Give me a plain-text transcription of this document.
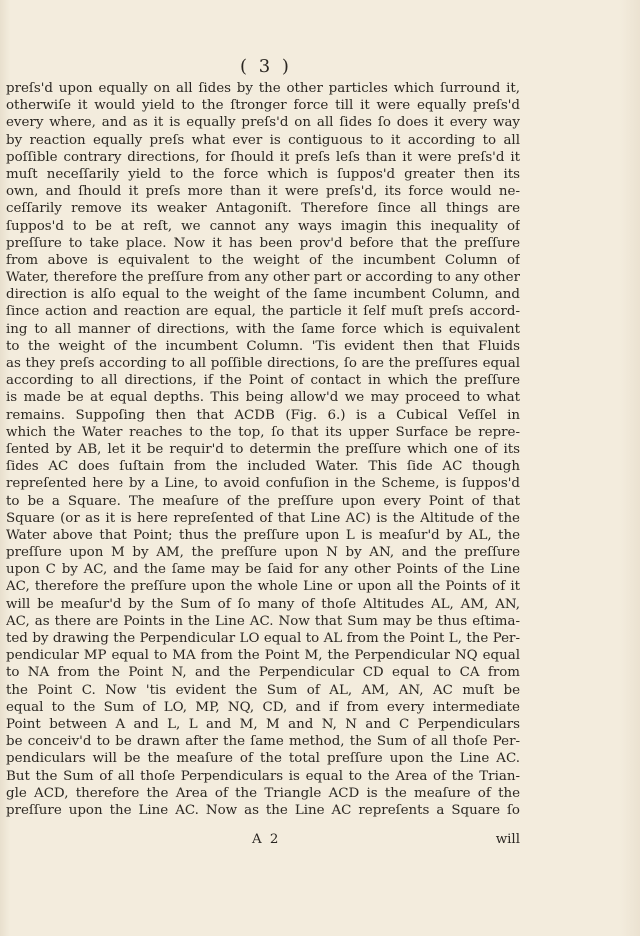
( 3 )
preſs'd upon equally on all ſides by the other particles which ſurround it,
otherwiſe it would yield to the ſtronger force till it were equally preſs'd
every where, and as it is equally preſs'd on all ſides ſo does it every way
by reaction equally preſs what ever is contiguous to it according to all
poſſible contrary directions, for ſhould it preſs leſs than it were preſs'd it
muſt neceſſarily yield to the force which is ſuppos'd greater then its
own, and ſhould it preſs more than it were preſs'd, its force would ne-
ceſſarily remove its weaker Antagoniſt. Therefore ſince all things are
ſuppos'd to be at reſt, we cannot any ways imagin this inequality of
preſſure to take place. Now it has been prov'd before that the preſſure
from above is equivalent to the weight of the incumbent Column of
Water, therefore the preſſure from any other part or according to any other
direction is alſo equal to the weight of the ſame incumbent Column, and
ſince action and reaction are equal, the particle it ſelf muſt preſs accord-
ing to all manner of directions, with the ſame force which is equivalent
to the weight of the incumbent Column. 'Tis evident then that Fluids
as they preſs according to all poſſible directions, ſo are the preſſures equal
according to all directions, if the Point of contact in which the preſſure
is made be at equal depths. This being allow'd we may proceed to what
remains. Suppoſing then that ACDB (Fig. 6.) is a Cubical Veſſel in
which the Water reaches to the top, ſo that its upper Surface be repre-
ſented by AB, let it be requir'd to determin the preſſure which one of its
ſides AC does ſuſtain from the included Water. This ſide AC though
repreſented here by a Line, to avoid confuſion in the Scheme, is ſuppos'd
to be a Square. The meaſure of the preſſure upon every Point of that
Square (or as it is here repreſented of that Line AC) is the Altitude of the
Water above that Point; thus the preſſure upon L is meaſur'd by AL, the
preſſure upon M by AM, the preſſure upon N by AN, and the preſſure
upon C by AC, and the ſame may be ſaid for any other Points of the Line
AC, therefore the preſſure upon the whole Line or upon all the Points of it
will be meaſur'd by the Sum of ſo many of thoſe Altitudes AL, AM, AN,
AC, as there are Points in the Line AC. Now that Sum may be thus eſtima-
ted by drawing the Perpendicular LO equal to AL from the Point L, the Per-
pendicular MP equal to MA from the Point M, the Perpendicular NQ equal
to NA from the Point N, and the Perpendicular CD equal to CA from
the Point C. Now 'tis evident the Sum of AL, AM, AN, AC muſt be
equal to the Sum of LO, MP, NQ, CD, and if from every intermediate
Point between A and L, L and M, M and N, N and C Perpendiculars
be conceiv'd to be drawn after the ſame method, the Sum of all thoſe Per-
pendiculars will be the meaſure of the total preſſure upon the Line AC.
But the Sum of all thoſe Perpendiculars is equal to the Area of the Trian-
gle ACD, therefore the Area of the Triangle ACD is the meaſure of the
preſſure upon the Line AC. Now as the Line AC repreſents a Square ſo
A 2	will
